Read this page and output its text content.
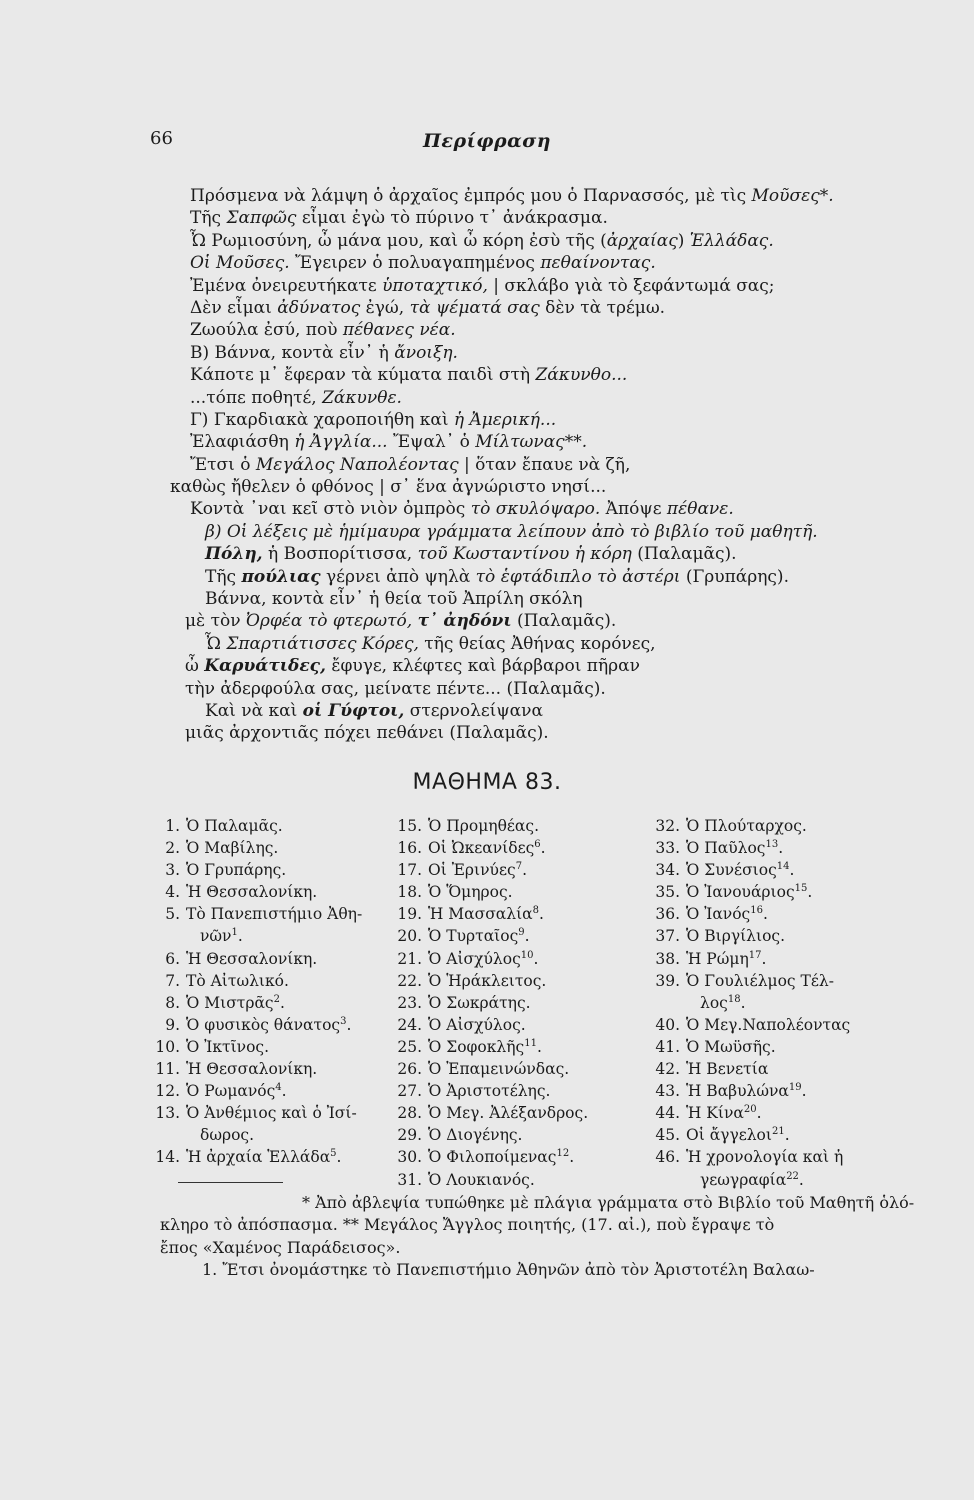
66	Περίφραση
Πρόσμενα νὰ λάμψη ὁ ἀρχαῖος ἐμπρός μου ὁ Παρνασσός, μὲ τὶς Μοῦσες*.
Τῆς Σαπφῶς εἶμαι ἐγὼ τὸ πύρινο τ᾽ ἀνάκρασμα.
Ὦ Ρωμιοσύνη, ὦ μάνα μου, καὶ ὦ κόρη ἐσὺ τῆς (ἀρχαίας) Ἑλλάδας.
Οἱ Μοῦσες. Ἔγειρεν ὁ πολυαγαπημένος πεθαίνοντας.
Ἐμένα ὀνειρευτήκατε ὑποταχτικό, | σκλάβο γιὰ τὸ ξεφάντωμά σας;
Δὲν εἶμαι ἀδύνατος ἐγώ, τὰ ψέματά σας δὲν τὰ τρέμω.
Ζωούλα ἐσύ, ποὺ πέθανες νέα.
Β) Βάννα, κοντὰ εἶν᾽ ἡ ἄνοιξη.
Κάποτε μ᾽ ἔφεραν τὰ κύματα παιδὶ στὴ Ζάκυνθο...
...τόπε ποθητέ, Ζάκυνθε.
Γ) Γκαρδιακὰ χαροποιήθη καὶ ἡ Ἀμερική...
Ἐλαφιάσθη ἡ Ἀγγλία... Ἔψαλ᾽ ὁ Μίλτωνας**.
Ἔτσι ὁ Μεγάλος Ναπολέοντας | ὅταν ἔπαυε νὰ ζῆ,
καθὼς ἤθελεν ὁ φθόνος | σ᾽ ἕνα ἀγνώριστο νησί...
Κοντὰ ᾽ναι κεῖ στὸ νιὸν ὀμπρὸς τὸ σκυλόψαρο. Ἀπόψε πέθανε.
β) Οἱ λέξεις μὲ ἡμίμαυρα γράμματα λείπουν ἀπὸ τὸ βιβλίο τοῦ μαθητῆ.
Πόλη, ἡ Βοσπορίτισσα, τοῦ Κωσταντίνου ἡ κόρη (Παλαμᾶς).
Τῆς πούλιας γέρνει ἀπὸ ψηλὰ τὸ ἑφτάδιπλο τὸ ἀστέρι (Γρυπάρης).
Βάννα, κοντὰ εἶν᾽ ἡ θεία τοῦ Ἀπρίλη σκόλη
μὲ τὸν Ὀρφέα τὸ φτερωτό, τ᾽ ἀηδόνι (Παλαμᾶς).
Ὦ Σπαρτιάτισσες Κόρες, τῆς θείας Ἀθήνας κορόνες,
ὦ Καρυάτιδες, ἔφυγε, κλέφτες καὶ βάρβαροι πῆραν
τὴν ἀδερφούλα σας, μείνατε πέντε... (Παλαμᾶς).
Καὶ νὰ καὶ οἱ Γύφτοι, στερνολείψανα
μιᾶς ἀρχοντιᾶς πόχει πεθάνει (Παλαμᾶς).
ΜΑΘΗΜΑ 83.
1. Ὁ Παλαμᾶς.
2. Ὁ Μαβίλης.
3. Ὁ Γρυπάρης.
4. Ἡ Θεσσαλονίκη.
5. Τὸ Πανεπιστήμιο Ἀθη-
νῶν$^1$.
6. Ἡ Θεσσαλονίκη.
7. Τὸ Αἰτωλικό.
8. Ὁ Μιστρᾶς$^2$.
9. Ὁ φυσικὸς θάνατος$^3$.
10. Ὁ Ἰκτῖνος.
11. Ἡ Θεσσαλονίκη.
12. Ὁ Ρωμανός$^4$.
13. Ὁ Ἀνθέμιος καὶ ὁ Ἰσί-
δωρος.
14. Ἡ ἀρχαία Ἑλλάδα$^5$.
15. Ὁ Προμηθέας.
16. Οἱ Ὠκεανίδες$^6$.
17. Οἱ Ἐρινύες$^7$.
18. Ὁ Ὅμηρος.
19. Ἡ Μασσαλία$^8$.
20. Ὁ Τυρταῖος$^9$.
21. Ὁ Αἰσχύλος$^{10}$.
22. Ὁ Ἡράκλειτος.
23. Ὁ Σωκράτης.
24. Ὁ Αἰσχύλος.
25. Ὁ Σοφοκλῆς$^{11}$.
26. Ὁ Ἐπαμεινώνδας.
27. Ὁ Ἀριστοτέλης.
28. Ὁ Μεγ. Ἀλέξανδρος.
29. Ὁ Διογένης.
30. Ὁ Φιλοποίμενας$^{12}$.
31. Ὁ Λουκιανός.
32. Ὁ Πλούταρχος.
33. Ὁ Παῦλος$^{13}$.
34. Ὁ Συνέσιος$^{14}$.
35. Ὁ Ἰανουάριος$^{15}$.
36. Ὁ Ἰανός$^{16}$.
37. Ὁ Βιργίλιος.
38. Ἡ Ρώμη$^{17}$.
39. Ὁ Γουλιέλμος Τέλ-
λος$^{18}$.
40. Ὁ Μεγ.Ναπολέοντας
41. Ὁ Μωϋσῆς.
42. Ἡ Βενετία
43. Ἡ Βαβυλώνα$^{19}$.
44. Ἡ Κίνα$^{20}$.
45. Οἱ ἄγγελοι$^{21}$.
46. Ἡ χρονολογία καὶ ἡ
γεωγραφία$^{22}$.
* Ἀπὸ ἀβλεψία τυπώθηκε μὲ πλάγια γράμματα στὸ Βιβλίο τοῦ Μαθητῆ ὁλό-
κληρο τὸ ἀπόσπασμα. ** Μεγάλος Ἄγγλος ποιητής, (17. αἰ.), ποὺ ἔγραψε τὸ
ἔπος «Χαμένος Παράδεισος».
1. Ἔτσι ὀνομάστηκε τὸ Πανεπιστήμιο Ἀθηνῶν ἀπὸ τὸν Ἀριστοτέλη Βαλαω-
